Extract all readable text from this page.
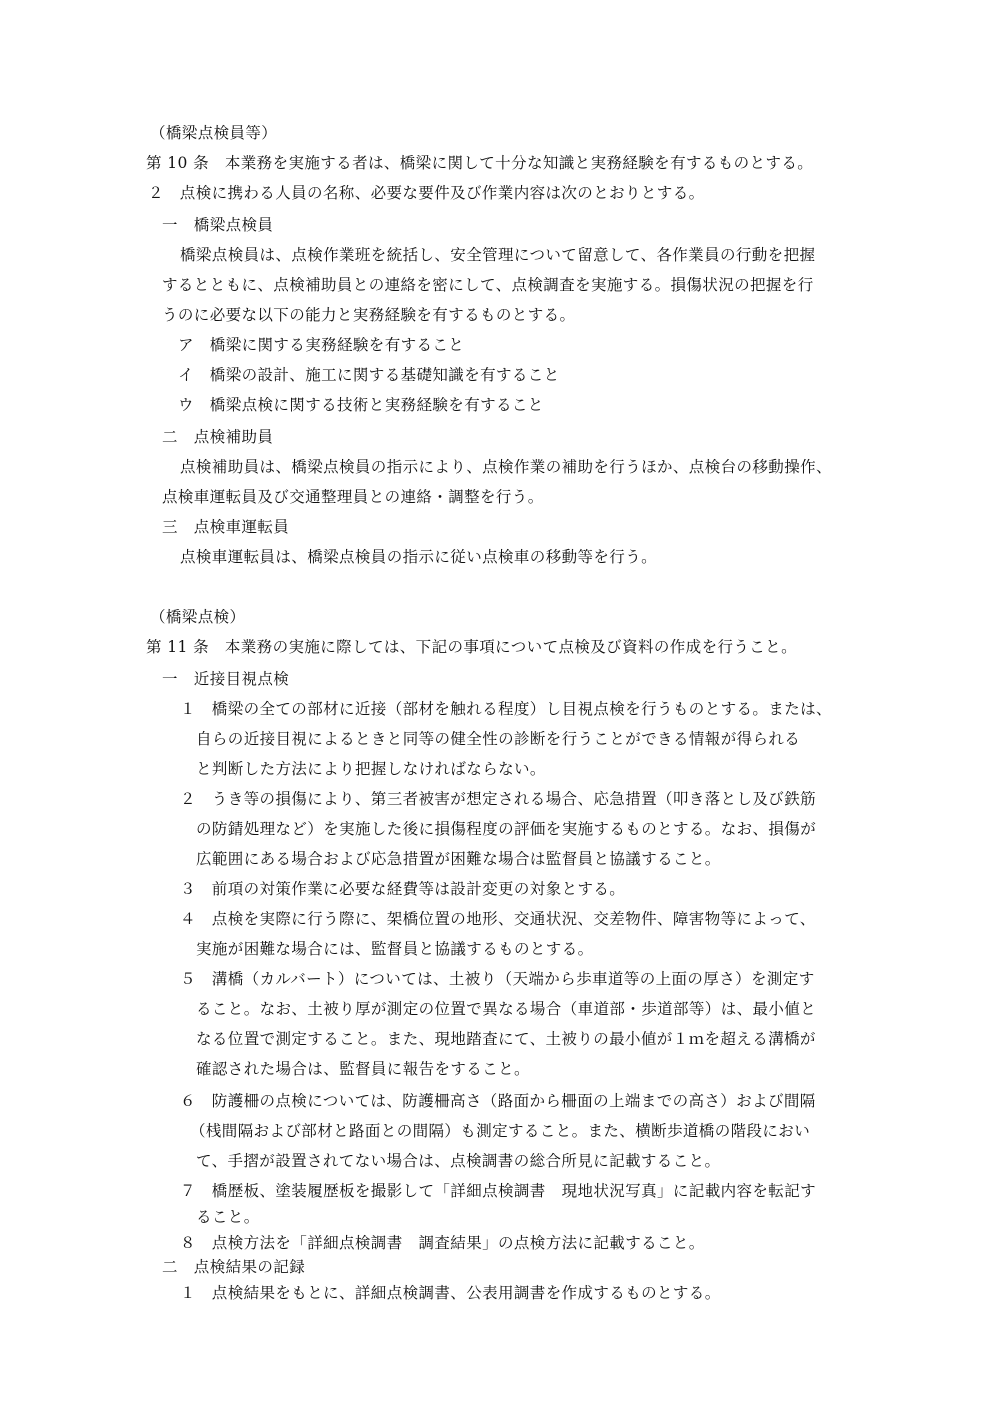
（橋梁点検員等）
第 10 条　本業務を実施する者は、橋梁に関して十分な知識と実務経験を有するものとする。
２　点検に携わる人員の名称、必要な要件及び作業内容は次のとおりとする。
一　橋梁点検員
橋梁点検員は、点検作業班を統括し、安全管理について留意して、各作業員の行動を把握
するとともに、点検補助員との連絡を密にして、点検調査を実施する。損傷状況の把握を行
うのに必要な以下の能力と実務経験を有するものとする。
ア　橋梁に関する実務経験を有すること
イ　橋梁の設計、施工に関する基礎知識を有すること
ウ　橋梁点検に関する技術と実務経験を有すること
二　点検補助員
点検補助員は、橋梁点検員の指示により、点検作業の補助を行うほか、点検台の移動操作、
点検車運転員及び交通整理員との連絡・調整を行う。
三　点検車運転員
点検車運転員は、橋梁点検員の指示に従い点検車の移動等を行う。
（橋梁点検）
第 11 条　本業務の実施に際しては、下記の事項について点検及び資料の作成を行うこと。
一　近接目視点検
１　橋梁の全ての部材に近接（部材を触れる程度）し目視点検を行うものとする。または、
自らの近接目視によるときと同等の健全性の診断を行うことができる情報が得られる
と判断した方法により把握しなければならない。
２　うき等の損傷により、第三者被害が想定される場合、応急措置（叩き落とし及び鉄筋
の防錆処理など）を実施した後に損傷程度の評価を実施するものとする。なお、損傷が
広範囲にある場合および応急措置が困難な場合は監督員と協議すること。
３　前項の対策作業に必要な経費等は設計変更の対象とする。
４　点検を実際に行う際に、架橋位置の地形、交通状況、交差物件、障害物等によって、
実施が困難な場合には、監督員と協議するものとする。
５　溝橋（カルバート）については、土被り（天端から歩車道等の上面の厚さ）を測定す
ること。なお、土被り厚が測定の位置で異なる場合（車道部・歩道部等）は、最小値と
なる位置で測定すること。また、現地踏査にて、土被りの最小値が１ｍを超える溝橋が
確認された場合は、監督員に報告をすること。
６　防護柵の点検については、防護柵高さ（路面から柵面の上端までの高さ）および間隔
（桟間隔および部材と路面との間隔）も測定すること。また、横断歩道橋の階段におい
て、手摺が設置されてない場合は、点検調書の総合所見に記載すること。
７　橋歴板、塗装履歴板を撮影して「詳細点検調書　現地状況写真」に記載内容を転記す
ること。
８　点検方法を「詳細点検調書　調査結果」の点検方法に記載すること。
二　点検結果の記録
１　点検結果をもとに、詳細点検調書、公表用調書を作成するものとする。
